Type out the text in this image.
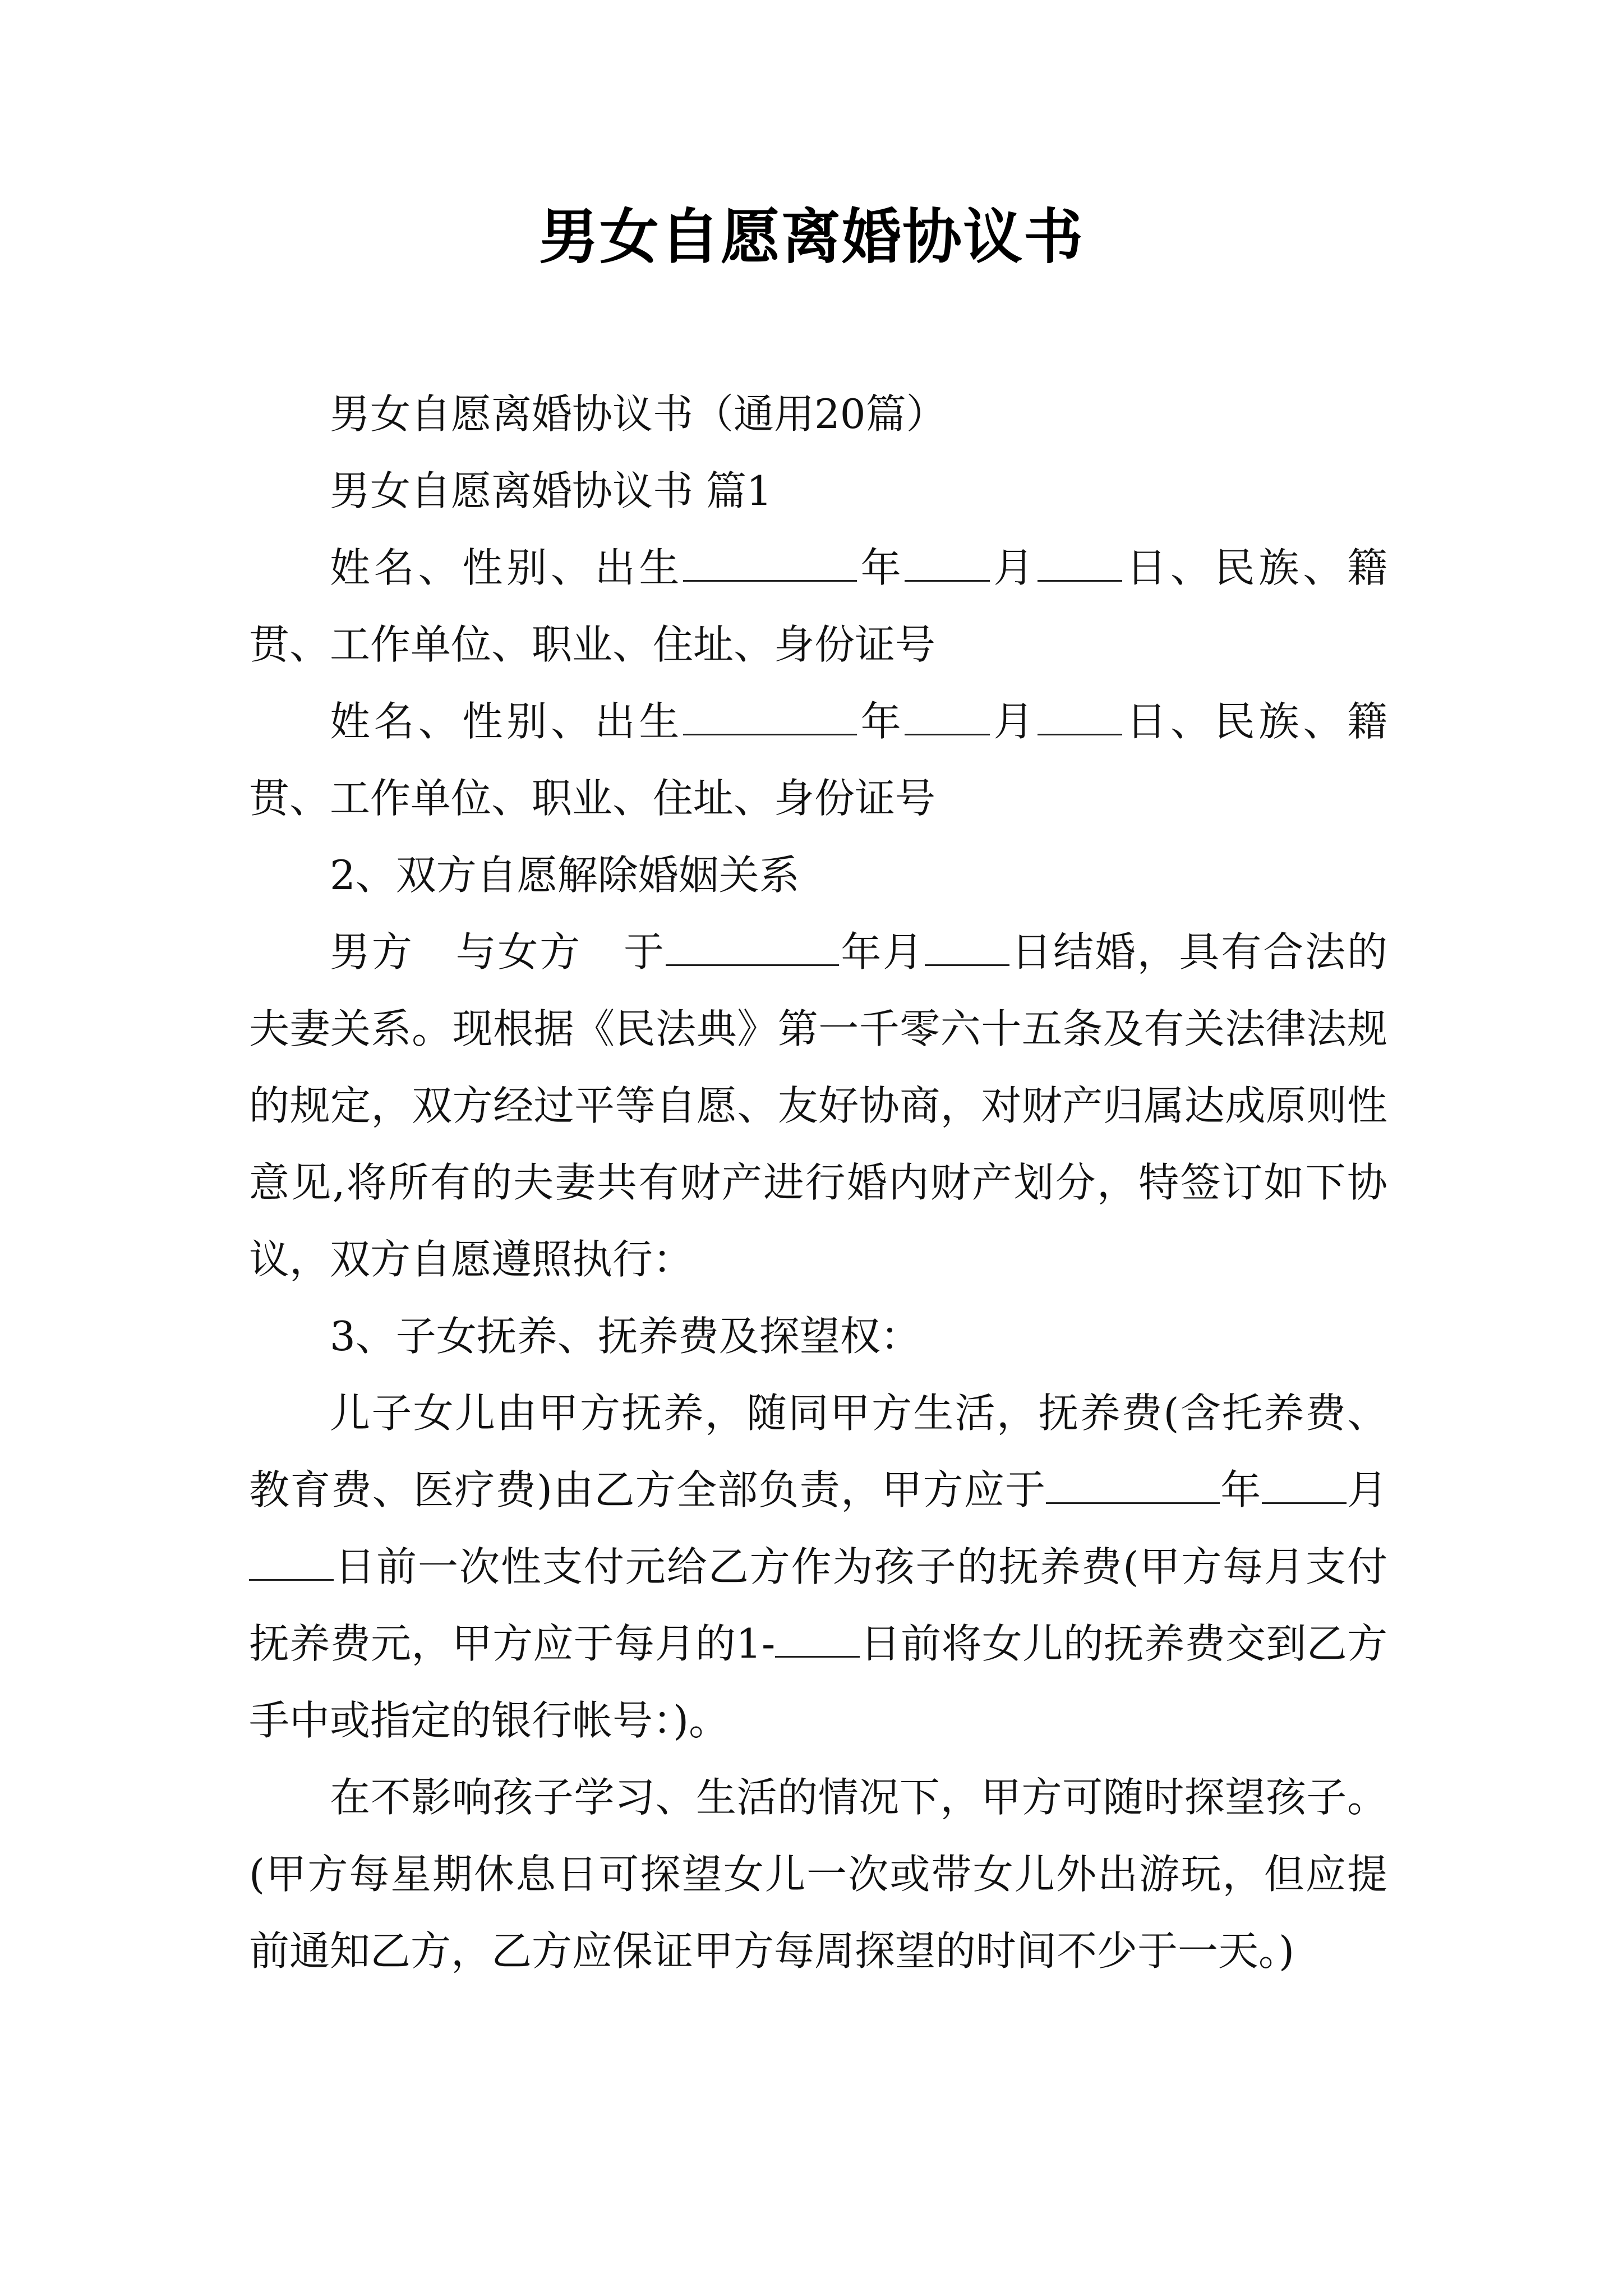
男女自愿离婚协议书

男女自愿离婚协议书（通用20篇）

男女自愿离婚协议书 篇1

姓名、性别、出生	年 月 日、民族、籍贯、工作单位、职业、住址、身份证号

姓名、性别、出生	年 月 日、民族、籍贯、工作单位、职业、住址、身份证号

2、双方自愿解除婚姻关系

男方 与女方 于	年月 日结婚，具有合法的夫妻关系。现根据《民法典》第一千零六十五条及有关法律法规的规定，双方经过平等自愿、友好协商，对财产归属达成原则性意见,将所有的夫妻共有财产进行婚内财产划分，特签订如下协议，双方自愿遵照执行：

3、子女抚养、抚养费及探望权：

儿子女儿由甲方抚养，随同甲方生活，抚养费(含托养费、教育费、医疗费)由乙方全部负责，甲方应于	年 月日前一次性支付元给乙方作为孩子的抚养费(甲方每月支付抚养费元，甲方应于每月的1- 日前将女儿的抚养费交到乙方手中或指定的银行帐号：)。

在不影响孩子学习、生活的情况下，甲方可随时探望孩子。(甲方每星期休息日可探望女儿一次或带女儿外出游玩，但应提前通知乙方，乙方应保证甲方每周探望的时间不少于一天。)
